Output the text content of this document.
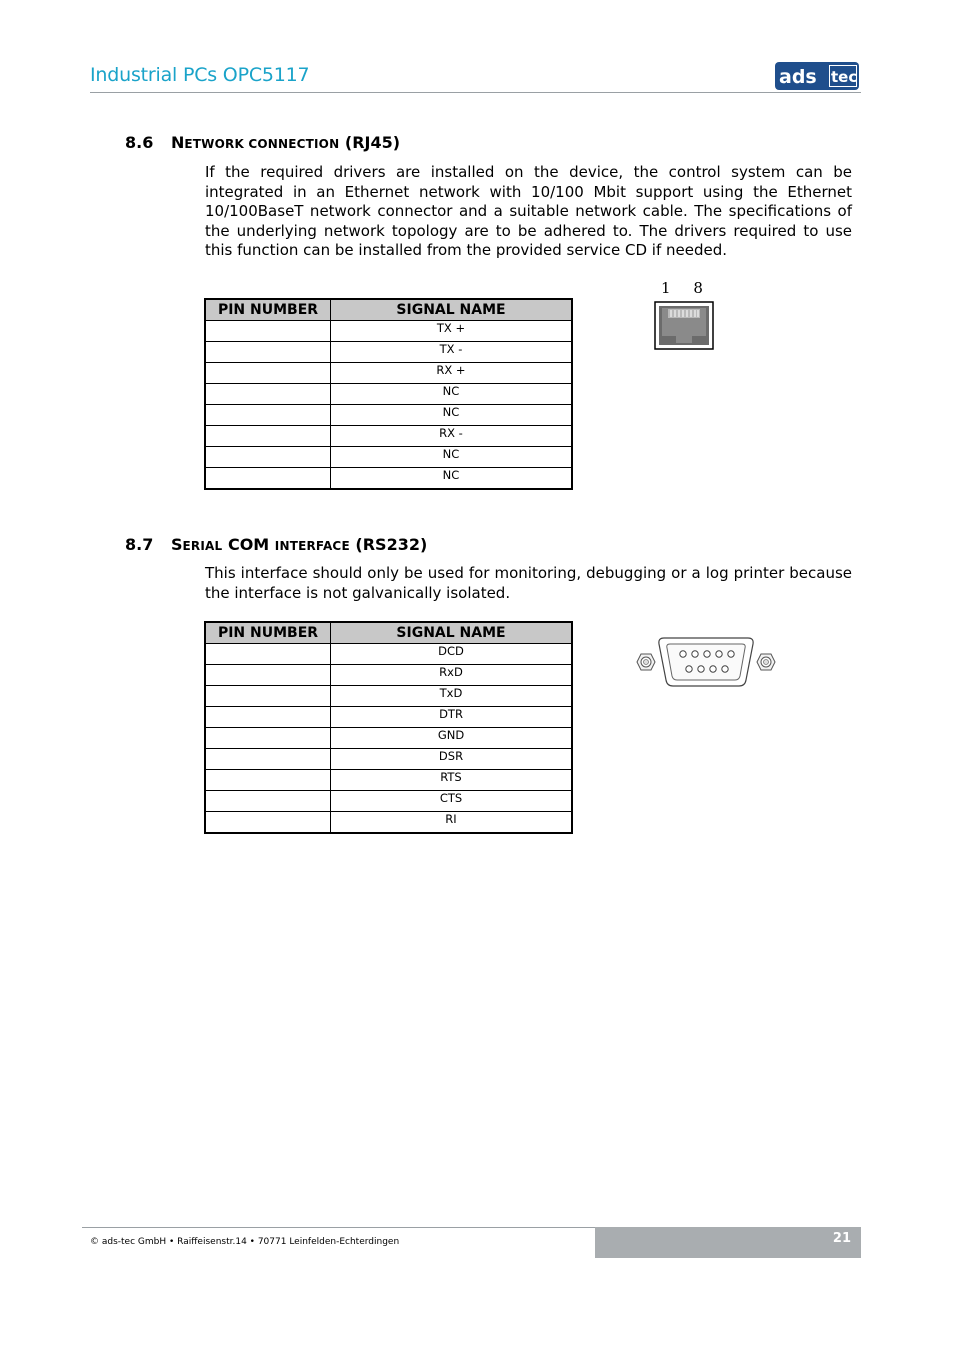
Industrial PCs OPC5117	ads tec
8.6 NETWORK CONNECTION (RJ45)
If the required drivers are installed on the device, the control system can be integrated in an Ethernet network with 10/100 Mbit support using the Ethernet 10/100BaseT network connector and a suitable network cable. The specifications of the underlying network topology are to be adhered to. The drivers required to use this function can be installed from the provided service CD if needed.
PIN NUMBER	SIGNAL NAME
	TX +
	TX -
	RX +
	NC
	NC
	RX -
	NC
	NC
1 8
8.7 SERIAL COM INTERFACE (RS232)
This interface should only be used for monitoring, debugging or a log printer because the interface is not galvanically isolated.
PIN NUMBER	SIGNAL NAME
	DCD
	RxD
	TxD
	DTR
	GND
	DSR
	RTS
	CTS
	RI
© ads-tec GmbH • Raiffeisenstr.14 • 70771 Leinfelden-Echterdingen	21
